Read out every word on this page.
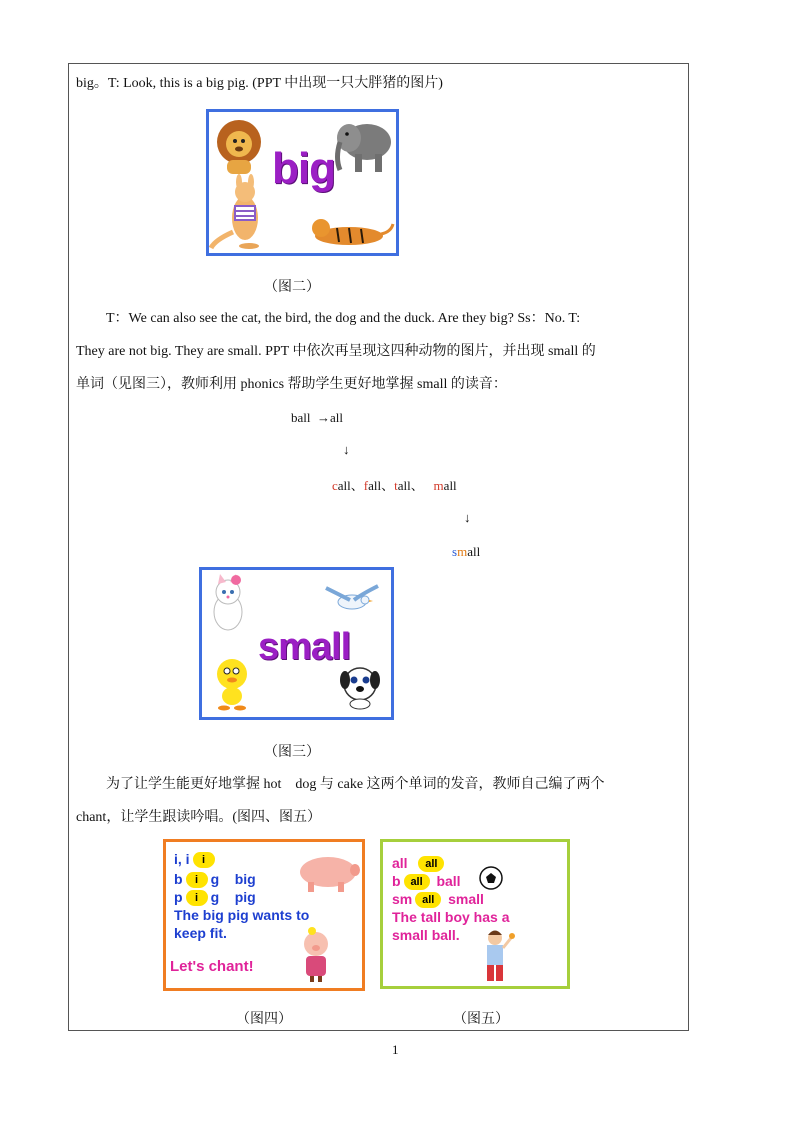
big。T: Look, this is a big pig. (PPT 中出现一只大胖猪的图片)
big
（图二）
T：We can also see the cat, the bird, the dog and the duck. Are they big? Ss：No. T:
They are not big. They are small. PPT 中依次再呈现这四种动物的图片，并出现 small 的
单词（见图三），教师利用 phonics 帮助学生更好地掌握 small 的读音：
ball →all
↓
call、fall、tall、 mall
↓
small
small
（图三）
为了让学生能更好地掌握 hot　dog 与 cake 这两个单词的发音，教师自己编了两个
chant，让学生跟读吟唱。(图四、图五）
i, i i
b i g big
p i g pig
The big pig wants to
keep fit.
Let's chant!
all all
b all ball
sm all small
The tall boy has a
small ball.
（图四）	（图五）
1
